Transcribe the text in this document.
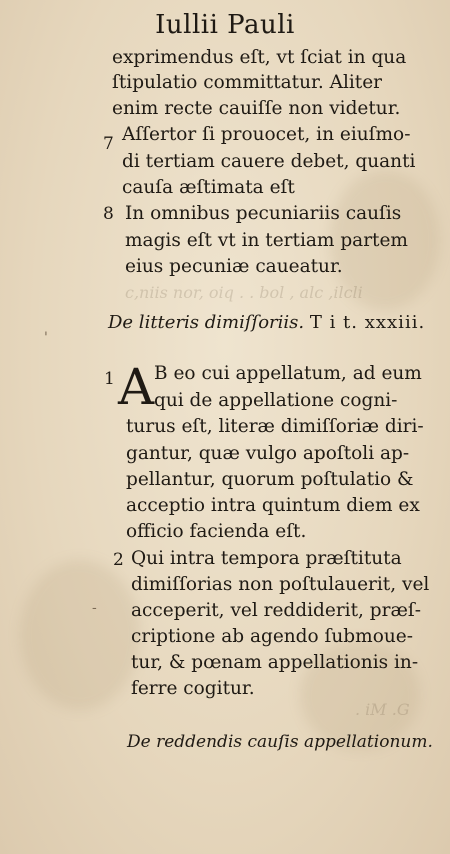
c,niis nor, oiq . . bol , alc ,ilcli
. iM .G
Iullii Pauli
exprimendus eſt, vt ſciat in qua
ſtipulatio committatur. Aliter
enim recte cauiſſe non videtur.
7 Aſſertor ſi prouocet, in eiuſmo-
di tertiam cauere debet, quanti
cauſa æſtimata eſt
8 In omnibus pecuniariis cauſis
magis eſt vt in tertiam partem
eius pecuniæ caueatur.
De litteris dimiſſoriis. T i t. xxxiii.
1 A B eo cui appellatum, ad eum
qui de appellatione cogni-
turus eſt, literæ dimiſſoriæ diri-
gantur, quæ vulgo apoſtoli ap-
pellantur, quorum poſtulatio &
acceptio intra quintum diem ex
officio facienda eſt.
2 Qui intra tempora præſtituta
dimiſſorias non poſtulauerit, vel
acceperit, vel reddiderit, præſ-
criptione ab agendo ſubmoue-
tur, & pœnam appellationis in-
ferre cogitur.
De reddendis cauſis appellationum.
'
-
